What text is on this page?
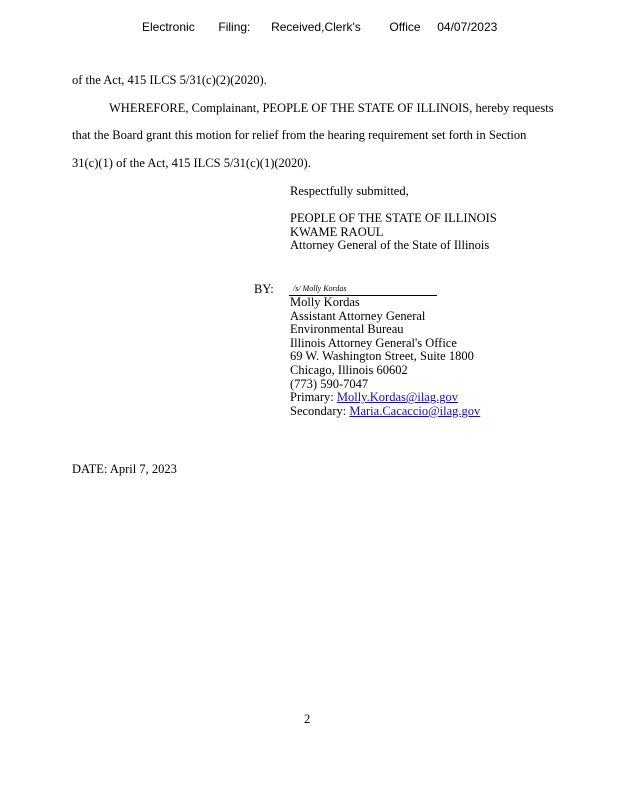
Electronic Filing: Received,Clerk's Office 04/07/2023
of the Act, 415 ILCS 5/31(c)(2)(2020).
WHEREFORE, Complainant, PEOPLE OF THE STATE OF ILLINOIS, hereby requests
that the Board grant this motion for relief from the hearing requirement set forth in Section
31(c)(1) of the Act, 415 ILCS 5/31(c)(1)(2020).
Respectfully submitted,
PEOPLE OF THE STATE OF ILLINOIS
KWAME RAOUL
Attorney General of the State of Illinois
BY:	/s/ Molly Kordas
Molly Kordas
Assistant Attorney General
Environmental Bureau
Illinois Attorney General's Office
69 W. Washington Street, Suite 1800
Chicago, Illinois 60602
(773) 590-7047
Primary: Molly.Kordas@ilag.gov
Secondary: Maria.Cacaccio@ilag.gov
DATE: April 7, 2023
2
